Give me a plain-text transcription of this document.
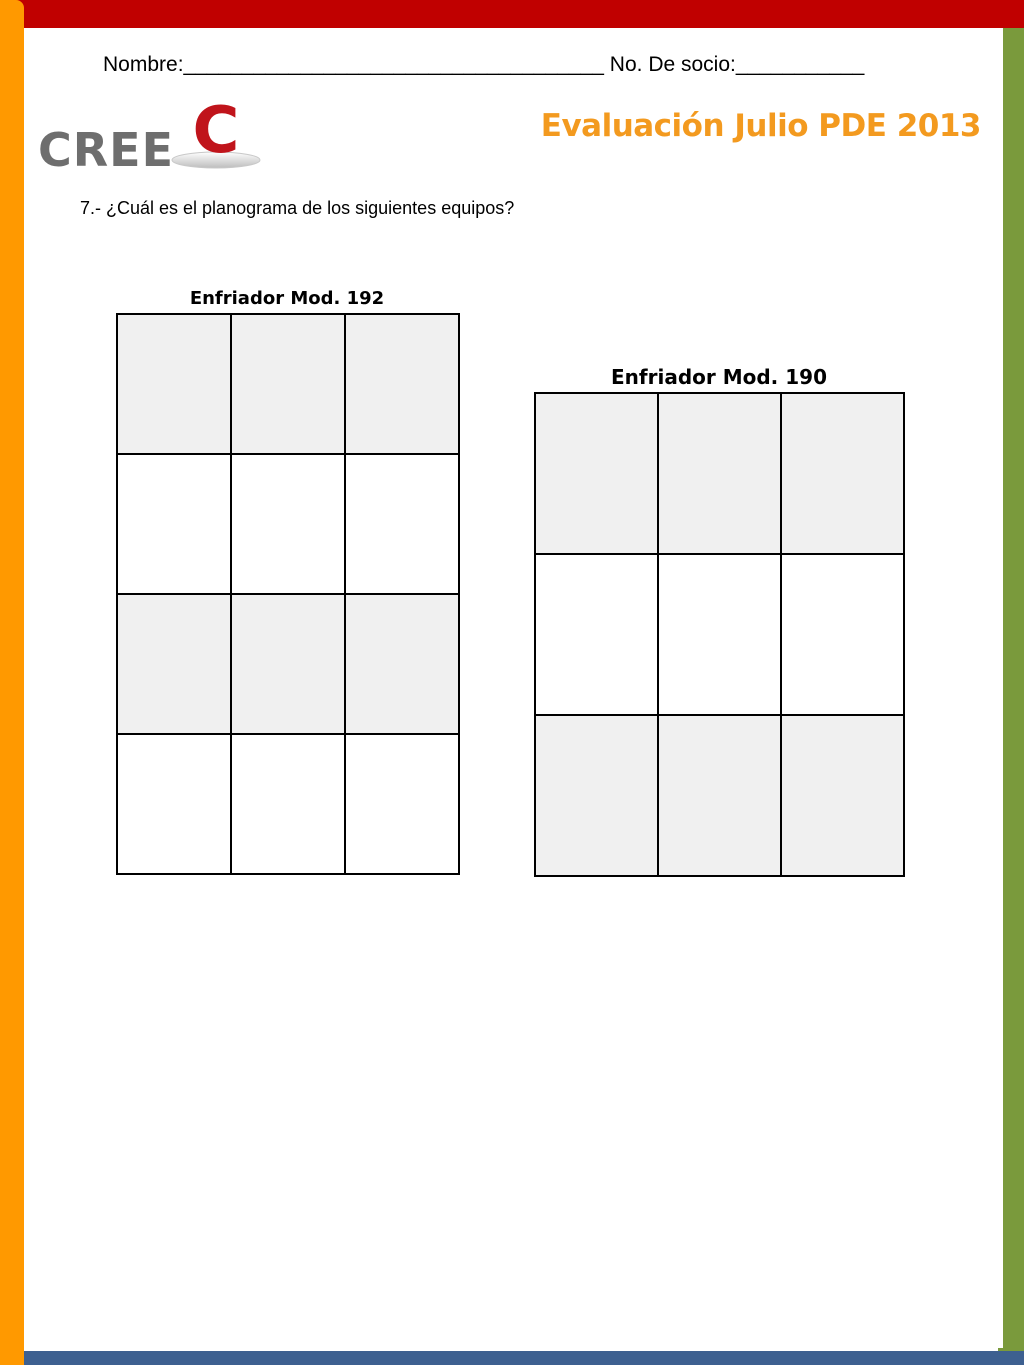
Nombre:____________________________________ No. De socio:___________
C
CREE	Evaluación Julio PDE 2013
7.- ¿Cuál es el planograma de los siguientes equipos?
Enfriador Mod. 192

Enfriador Mod. 190
